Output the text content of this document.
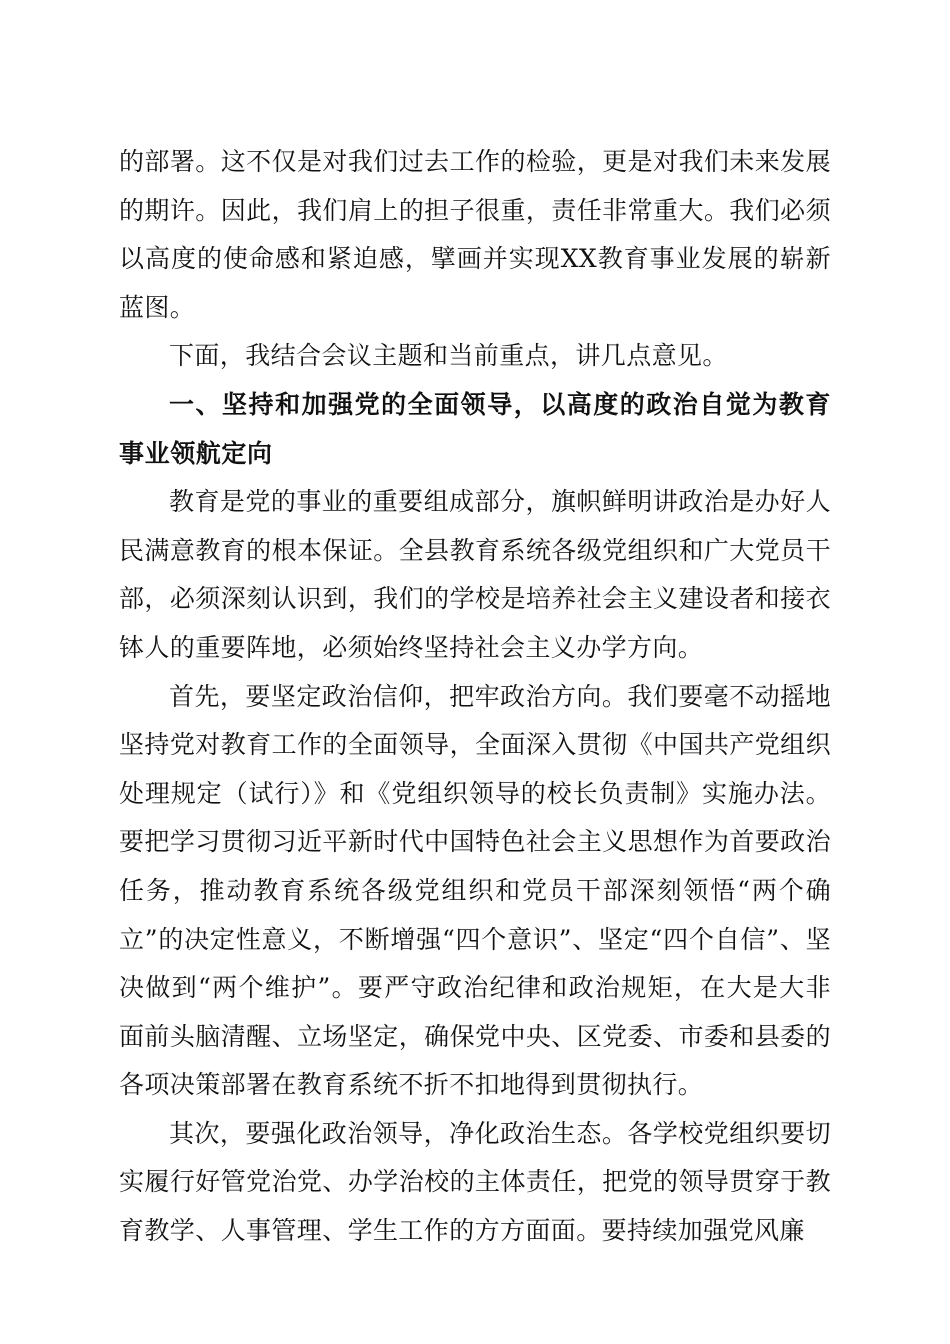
的部署。这不仅是对我们过去工作的检验，更是对我们未来发展的期许。因此，我们肩上的担子很重，责任非常重大。我们必须以高度的使命感和紧迫感，擘画并实现XX教育事业发展的崭新蓝图。

下面，我结合会议主题和当前重点，讲几点意见。

一、坚持和加强党的全面领导，以高度的政治自觉为教育事业领航定向

教育是党的事业的重要组成部分，旗帜鲜明讲政治是办好人民满意教育的根本保证。全县教育系统各级党组织和广大党员干部，必须深刻认识到，我们的学校是培养社会主义建设者和接衣钵人的重要阵地，必须始终坚持社会主义办学方向。

首先，要坚定政治信仰，把牢政治方向。我们要毫不动摇地坚持党对教育工作的全面领导，全面深入贯彻《中国共产党组织处理规定（试行）》和《党组织领导的校长负责制》实施办法。要把学习贯彻习近平新时代中国特色社会主义思想作为首要政治任务，推动教育系统各级党组织和党员干部深刻领悟“两个确立”的决定性意义，不断增强“四个意识”、坚定“四个自信”、坚决做到“两个维护”。要严守政治纪律和政治规矩，在大是大非面前头脑清醒、立场坚定，确保党中央、区党委、市委和县委的各项决策部署在教育系统不折不扣地得到贯彻执行。

其次，要强化政治领导，净化政治生态。各学校党组织要切实履行好管党治党、办学治校的主体责任，把党的领导贯穿于教育教学、人事管理、学生工作的方方面面。要持续加强党风廉
